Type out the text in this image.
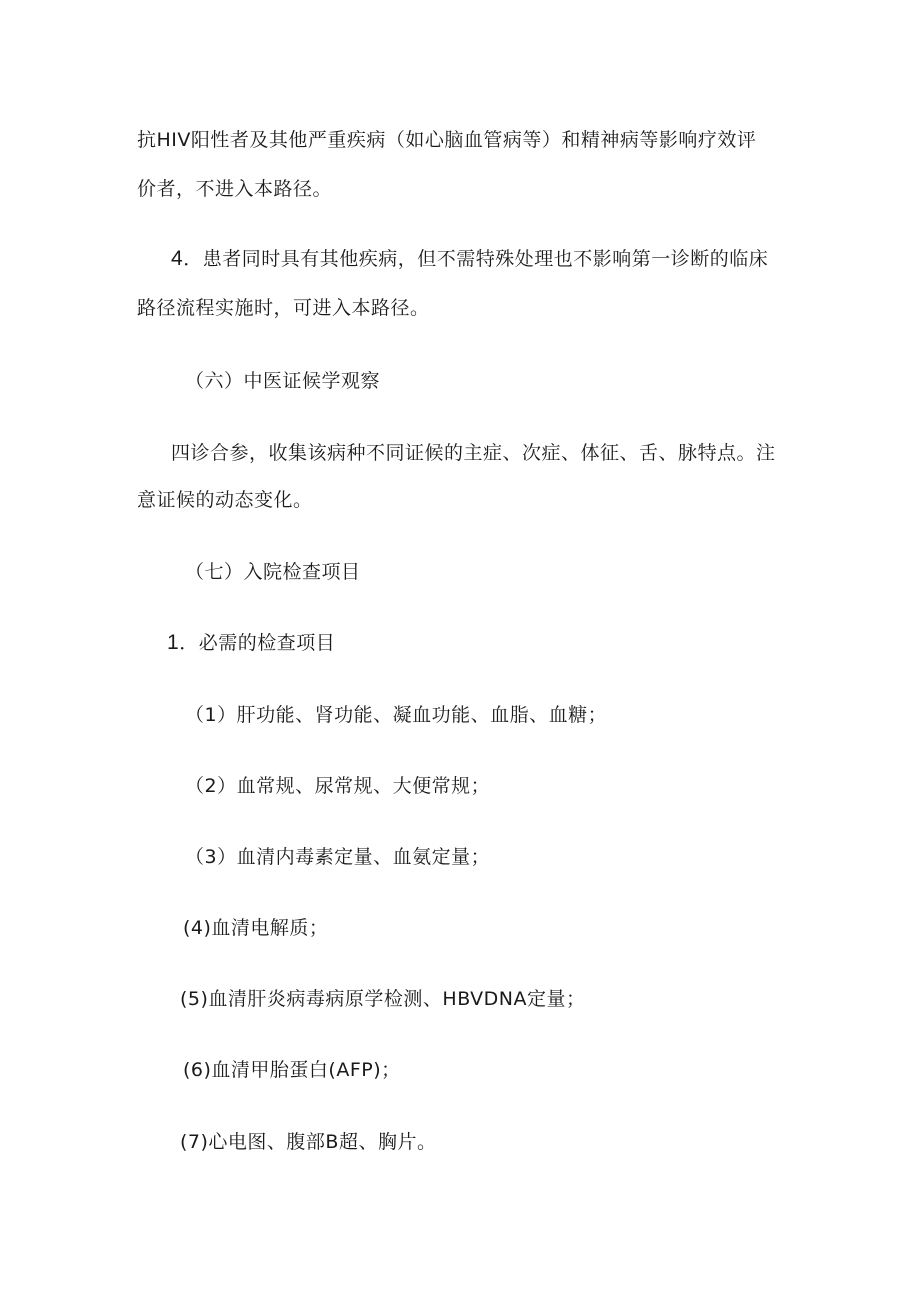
抗HIV阳性者及其他严重疾病（如心脑血管病等）和精神病等影响疗效评
价者，不进入本路径。
4．患者同时具有其他疾病，但不需特殊处理也不影响第一诊断的临床
路径流程实施时，可进入本路径。
（六）中医证候学观察
四诊合参，收集该病种不同证候的主症、次症、体征、舌、脉特点。注
意证候的动态变化。
（七）入院检查项目
1．必需的检查项目
（1）肝功能、肾功能、凝血功能、血脂、血糖；
（2）血常规、尿常规、大便常规；
（3）血清内毒素定量、血氨定量；
(4)血清电解质；
(5)血清肝炎病毒病原学检测、HBVDNA定量；
(6)血清甲胎蛋白(AFP)；
(7)心电图、腹部B超、胸片。
